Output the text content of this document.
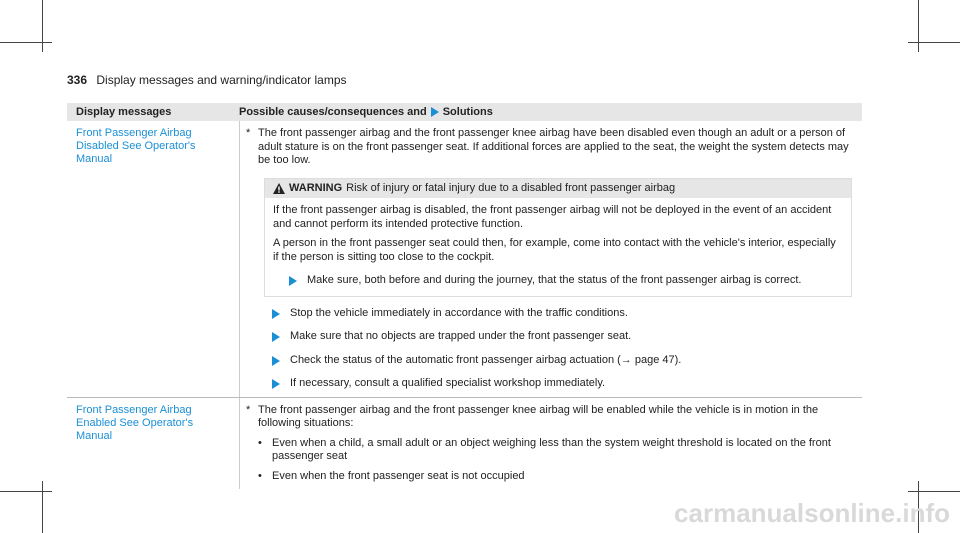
336 Display messages and warning/indicator lamps
Display messages	Possible causes/consequences and Solutions
Front Passenger Airbag Disabled See Operator's Manual
* The front passenger airbag and the front passenger knee airbag have been disabled even though an adult or a person of adult stature is on the front passenger seat. If additional forces are applied to the seat, the weight the system detects may be too low.
WARNING Risk of injury or fatal injury due to a disabled front passenger airbag

If the front passenger airbag is disabled, the front passenger airbag will not be deployed in the event of an accident and cannot perform its intended protective function.

A person in the front passenger seat could then, for example, come into contact with the vehicle's interior, especially if the person is sitting too close to the cockpit.

Make sure, both before and during the journey, that the status of the front passenger airbag is correct.
Stop the vehicle immediately in accordance with the traffic conditions.
Make sure that no objects are trapped under the front passenger seat.
Check the status of the automatic front passenger airbag actuation (→ page 47).
If necessary, consult a qualified specialist workshop immediately.
Front Passenger Airbag Enabled See Operator's Manual
* The front passenger airbag and the front passenger knee airbag will be enabled while the vehicle is in motion in the following situations:
• Even when a child, a small adult or an object weighing less than the system weight threshold is located on the front passenger seat
• Even when the front passenger seat is not occupied
carmanualsonline.info
